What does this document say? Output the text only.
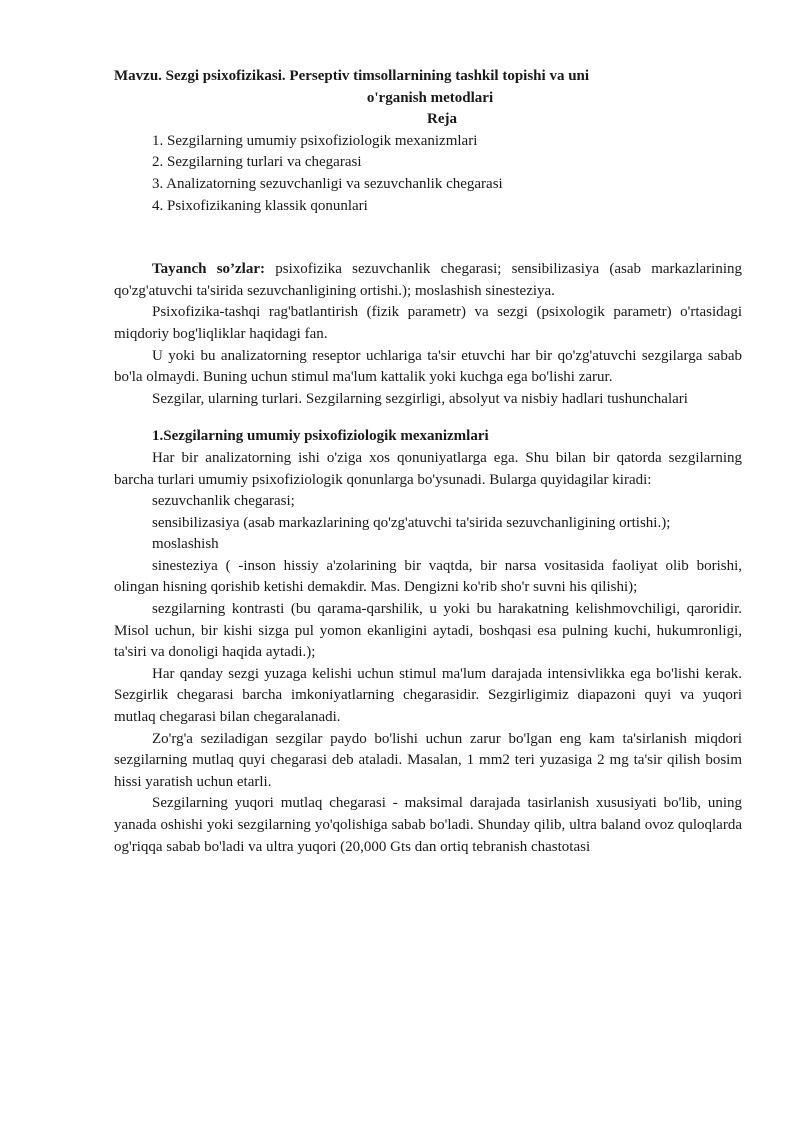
Mavzu. Sezgi psixofizikasi. Perseptiv timsollarnining tashkil topishi va uni

o'rganish metodlari

Reja

1. Sezgilarning umumiy psixofiziologik mexanizmlari

2. Sezgilarning turlari va chegarasi

3. Analizatorning sezuvchanligi va sezuvchanlik chegarasi

4. Psixofizikaning klassik qonunlari

Tayanch so’zlar: psixofizika sezuvchanlik chegarasi; sensibilizasiya (asab markazlarining qo'zg'atuvchi ta'sirida sezuvchanligining ortishi.); moslashish sinesteziya.

Psixofizika-tashqi rag'batlantirish (fizik parametr) va sezgi (psixologik parametr) o'rtasidagi miqdoriy bog'liqliklar haqidagi fan.

U yoki bu analizatorning reseptor uchlariga ta'sir etuvchi har bir qo'zg'atuvchi sezgilarga sabab bo'la olmaydi. Buning uchun stimul ma'lum kattalik yoki kuchga ega bo'lishi zarur.

Sezgilar, ularning turlari. Sezgilarning sezgirligi, absolyut va nisbiy hadlari tushunchalari

1.Sezgilarning umumiy psixofiziologik mexanizmlari

Har bir analizatorning ishi o'ziga xos qonuniyatlarga ega. Shu bilan bir qatorda sezgilarning barcha turlari umumiy psixofiziologik qonunlarga bo'ysunadi. Bularga quyidagilar kiradi:

sezuvchanlik chegarasi;

sensibilizasiya (asab markazlarining qo'zg'atuvchi ta'sirida sezuvchanligining ortishi.);

moslashish

sinesteziya ( -inson hissiy a'zolarining bir vaqtda, bir narsa vositasida faoliyat olib borishi, olingan hisning qorishib ketishi demakdir. Mas. Dengizni ko'rib sho'r suvni his qilishi);

sezgilarning kontrasti (bu qarama-qarshilik, u yoki bu harakatning kelishmovchiligi, qaroridir. Misol uchun, bir kishi sizga pul yomon ekanligini aytadi, boshqasi esa pulning kuchi, hukumronligi, ta'siri va donoligi haqida aytadi.);

Har qanday sezgi yuzaga kelishi uchun stimul ma'lum darajada intensivlikka ega bo'lishi kerak. Sezgirlik chegarasi barcha imkoniyatlarning chegarasidir. Sezgirligimiz diapazoni quyi va yuqori mutlaq chegarasi bilan chegaralanadi.

Zo'rg'a seziladigan sezgilar paydo bo'lishi uchun zarur bo'lgan eng kam ta'sirlanish miqdori sezgilarning mutlaq quyi chegarasi deb ataladi. Masalan, 1 mm2 teri yuzasiga 2 mg ta'sir qilish bosim hissi yaratish uchun etarli.

Sezgilarning yuqori mutlaq chegarasi - maksimal darajada tasirlanish xususiyati bo'lib, uning yanada oshishi yoki sezgilarning yo'qolishiga sabab bo'ladi. Shunday qilib, ultra baland ovoz quloqlarda og'riqqa sabab bo'ladi va ultra yuqori (20,000 Gts dan ortiq tebranish chastotasi
